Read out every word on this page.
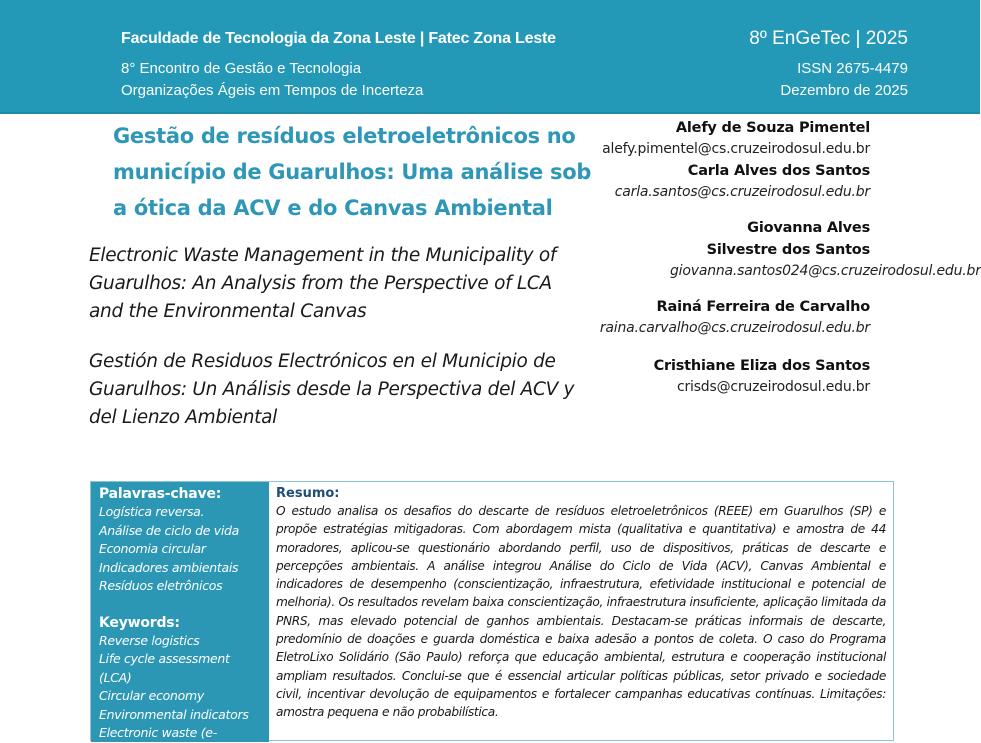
Faculdade de Tecnologia da Zona Leste | Fatec Zona Leste
8° Encontro de Gestão e Tecnologia
Organizações Ágeis em Tempos de Incerteza
8º EnGeTec | 2025
ISSN 2675-4479
Dezembro de 2025
Gestão de resíduos eletroeletrônicos no município de Guarulhos: Uma análise sob a ótica da ACV e do Canvas Ambiental
Electronic Waste Management in the Municipality of Guarulhos: An Analysis from the Perspective of LCA and the Environmental Canvas
Gestión de Residuos Electrónicos en el Municipio de Guarulhos: Un Análisis desde la Perspectiva del ACV y del Lienzo Ambiental
Alefy de Souza Pimentel
alefy.pimentel@cs.cruzeirodosul.edu.br
Carla Alves dos Santos
carla.santos@cs.cruzeirodosul.edu.br
Giovanna Alves Silvestre dos Santos
giovanna.santos024@cs.cruzeirodosul.edu.br
Rainá Ferreira de Carvalho
raina.carvalho@cs.cruzeirodosul.edu.br
Cristhiane Eliza dos Santos
crisds@cruzeirodosul.edu.br
Palavras-chave:
Logística reversa.
Análise de ciclo de vida
Economia circular
Indicadores ambientais
Resíduos eletrônicos
Keywords:
Reverse logistics
Life cycle assessment
(LCA)
Circular economy
Environmental indicators
Electronic waste (e-
Resumo:

O estudo analisa os desafios do descarte de resíduos eletroeletrônicos (REEE) em Guarulhos (SP) e propõe estratégias mitigadoras. Com abordagem mista (qualitativa e quantitativa) e amostra de 44 moradores, aplicou-se questionário abordando perfil, uso de dispositivos, práticas de descarte e percepções ambientais. A análise integrou Análise do Ciclo de Vida (ACV), Canvas Ambiental e indicadores de desempenho (conscientização, infraestrutura, efetividade institucional e potencial de melhoria). Os resultados revelam baixa conscientização, infraestrutura insuficiente, aplicação limitada da PNRS, mas elevado potencial de ganhos ambientais. Destacam-se práticas informais de descarte, predomínio de doações e guarda doméstica e baixa adesão a pontos de coleta. O caso do Programa EletroLixo Solidário (São Paulo) reforça que educação ambiental, estrutura e cooperação institucional ampliam resultados. Conclui-se que é essencial articular políticas públicas, setor privado e sociedade civil, incentivar devolução de equipamentos e fortalecer campanhas educativas contínuas. Limitações: amostra pequena e não probabilística.
